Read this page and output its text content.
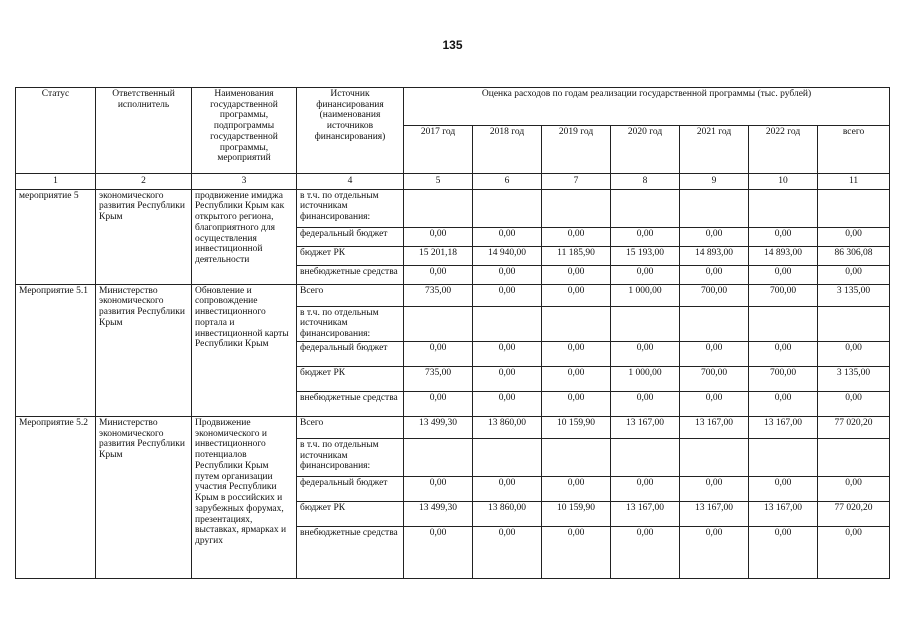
135
Статус	Ответственный исполнитель	Наименования государственной программы, подпрограммы государственной программы, мероприятий	Источник финансирования (наименования источников финансирования)	Оценка расходов по годам реализации государственной программы (тыс. рублей)						
				2017 год	2018 год	2019 год	2020 год	2021 год	2022 год	всего
1	2	3	4	5	6	7	8	9	10	11
мероприятие 5	экономического развития Республики Крым	продвижение имиджа Республики Крым как открытого региона, благоприятного для осуществления инвестиционной деятельности	в т.ч. по отдельным источникам финансирования:							
			федеральный бюджет	0,00	0,00	0,00	0,00	0,00	0,00	0,00
			бюджет РК	15 201,18	14 940,00	11 185,90	15 193,00	14 893,00	14 893,00	86 306,08
			внебюджетные средства	0,00	0,00	0,00	0,00	0,00	0,00	0,00
Мероприятие 5.1	Министерство экономического развития Республики Крым	Обновление и сопровождение инвестиционного портала и инвестиционной карты Республики Крым	Всего	735,00	0,00	0,00	1 000,00	700,00	700,00	3 135,00
			в т.ч. по отдельным источникам финансирования:							
			федеральный бюджет	0,00	0,00	0,00	0,00	0,00	0,00	0,00
			бюджет РК	735,00	0,00	0,00	1 000,00	700,00	700,00	3 135,00
			внебюджетные средства	0,00	0,00	0,00	0,00	0,00	0,00	0,00
Мероприятие 5.2	Министерство экономического развития Республики Крым	Продвижение экономического и инвестиционного потенциалов Республики Крым путем организации участия Республики Крым в российских и зарубежных форумах, презентациях, выставках, ярмарках и других	Всего	13 499,30	13 860,00	10 159,90	13 167,00	13 167,00	13 167,00	77 020,20
			в т.ч. по отдельным источникам финансирования:							
			федеральный бюджет	0,00	0,00	0,00	0,00	0,00	0,00	0,00
			бюджет РК	13 499,30	13 860,00	10 159,90	13 167,00	13 167,00	13 167,00	77 020,20
			внебюджетные средства	0,00	0,00	0,00	0,00	0,00	0,00	0,00
